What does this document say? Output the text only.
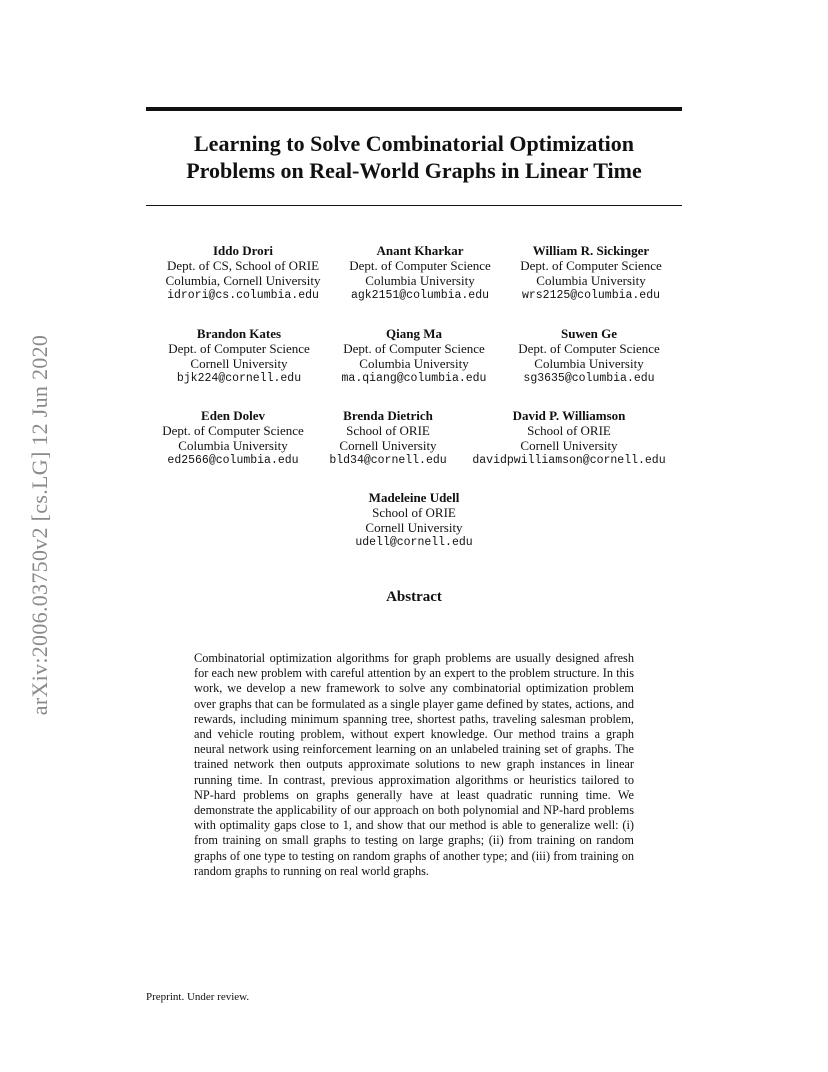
Learning to Solve Combinatorial Optimization
Problems on Real-World Graphs in Linear Time
arXiv:2006.03750v2 [cs.LG] 12 Jun 2020
Iddo Drori
Dept. of CS, School of ORIE
Columbia, Cornell University
idrori@cs.columbia.edu
Anant Kharkar
Dept. of Computer Science
Columbia University
agk2151@columbia.edu
William R. Sickinger
Dept. of Computer Science
Columbia University
wrs2125@columbia.edu
Brandon Kates
Dept. of Computer Science
Cornell University
bjk224@cornell.edu
Qiang Ma
Dept. of Computer Science
Columbia University
ma.qiang@columbia.edu
Suwen Ge
Dept. of Computer Science
Columbia University
sg3635@columbia.edu
Eden Dolev
Dept. of Computer Science
Columbia University
ed2566@columbia.edu
Brenda Dietrich
School of ORIE
Cornell University
bld34@cornell.edu
David P. Williamson
School of ORIE
Cornell University
davidpwilliamson@cornell.edu
Madeleine Udell
School of ORIE
Cornell University
udell@cornell.edu
Abstract
Combinatorial optimization algorithms for graph problems are usually designed afresh for each new problem with careful attention by an expert to the problem structure. In this work, we develop a new framework to solve any combinatorial optimization problem over graphs that can be formulated as a single player game defined by states, actions, and rewards, including minimum spanning tree, shortest paths, traveling salesman problem, and vehicle routing problem, without expert knowledge. Our method trains a graph neural network using reinforcement learning on an unlabeled training set of graphs. The trained network then outputs approximate solutions to new graph instances in linear running time. In contrast, previous approximation algorithms or heuristics tailored to NP-hard problems on graphs generally have at least quadratic running time. We demonstrate the applicability of our approach on both polynomial and NP-hard problems with optimality gaps close to 1, and show that our method is able to generalize well: (i) from training on small graphs to testing on large graphs; (ii) from training on random graphs of one type to testing on random graphs of another type; and (iii) from training on random graphs to running on real world graphs.
Preprint. Under review.
